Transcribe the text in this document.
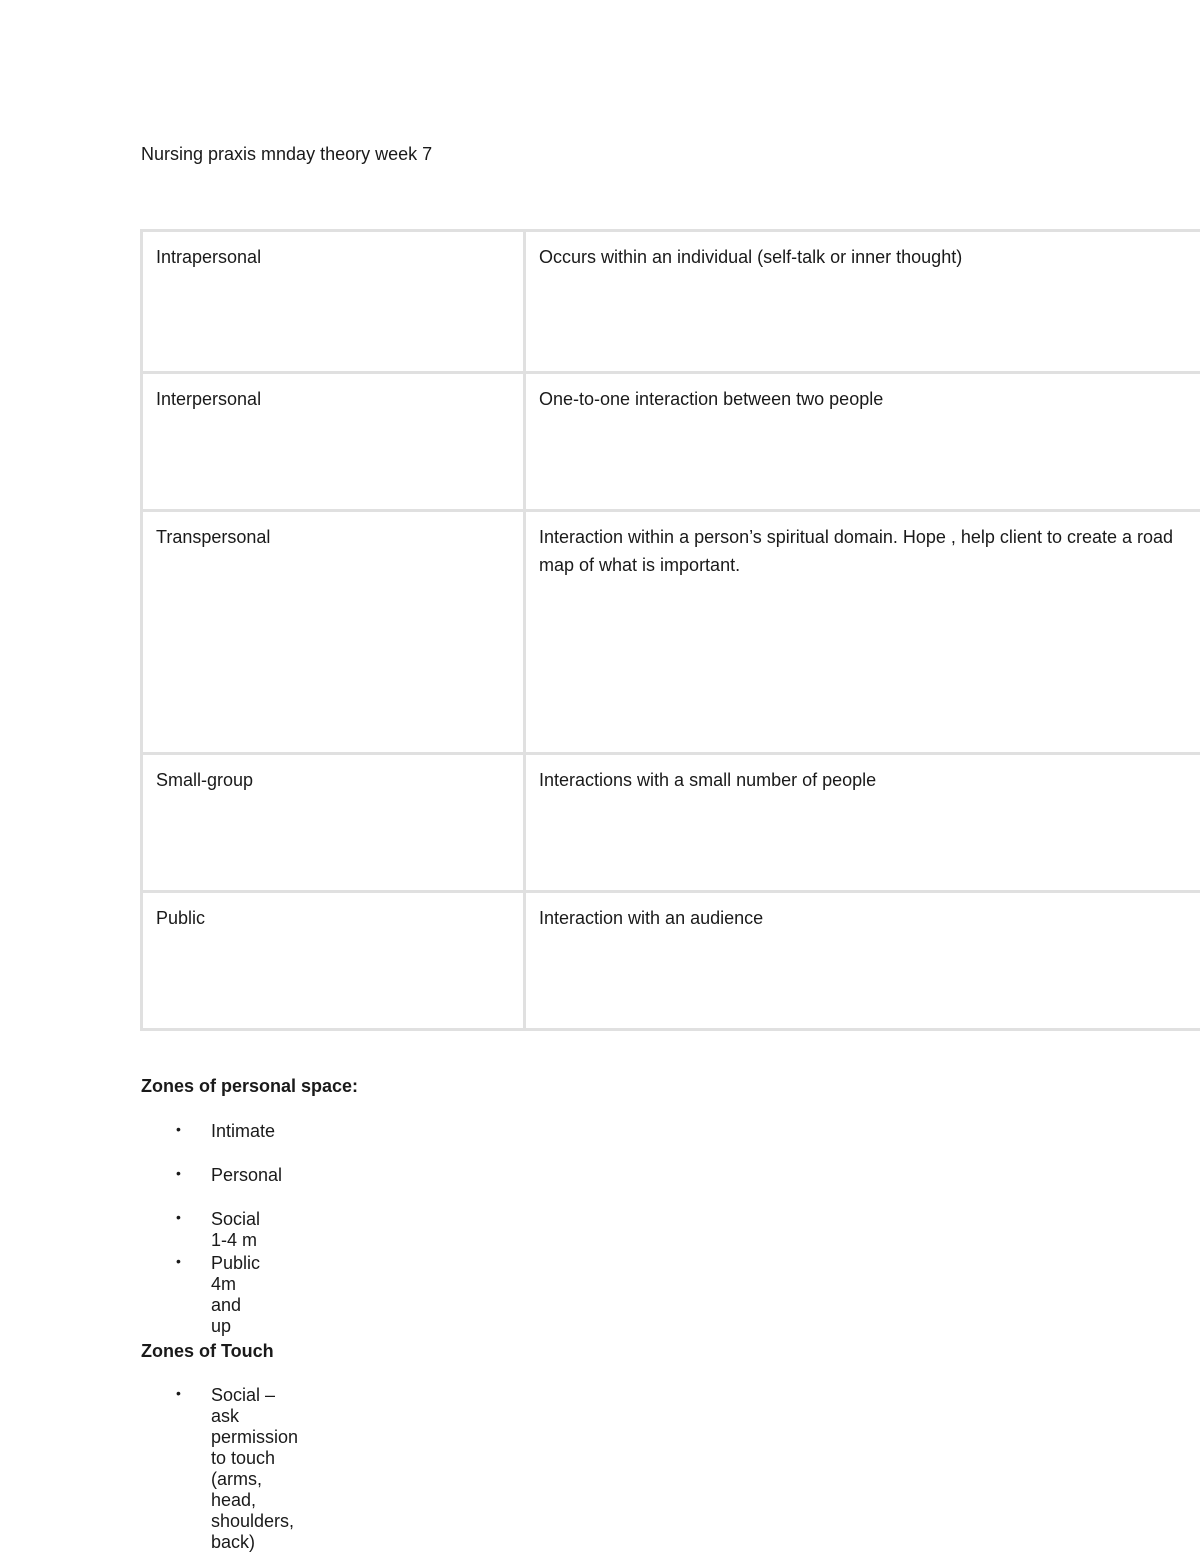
Nursing praxis mnday theory week 7
Intrapersonal	Occurs within an individual (self-talk or inner thought)
Interpersonal	One-to-one interaction between two people
Transpersonal	Interaction within a person’s spiritual domain. Hope , help client to create a road map of what is important.

Small-group	Interactions with a small number of people
Public	Interaction with an audience
Zones of personal space:
• Intimate
• Personal
• Social 1-4 m
• Public 4m and up
Zones of Touch
• Social – ask permission to touch (arms, head, shoulders, back)
